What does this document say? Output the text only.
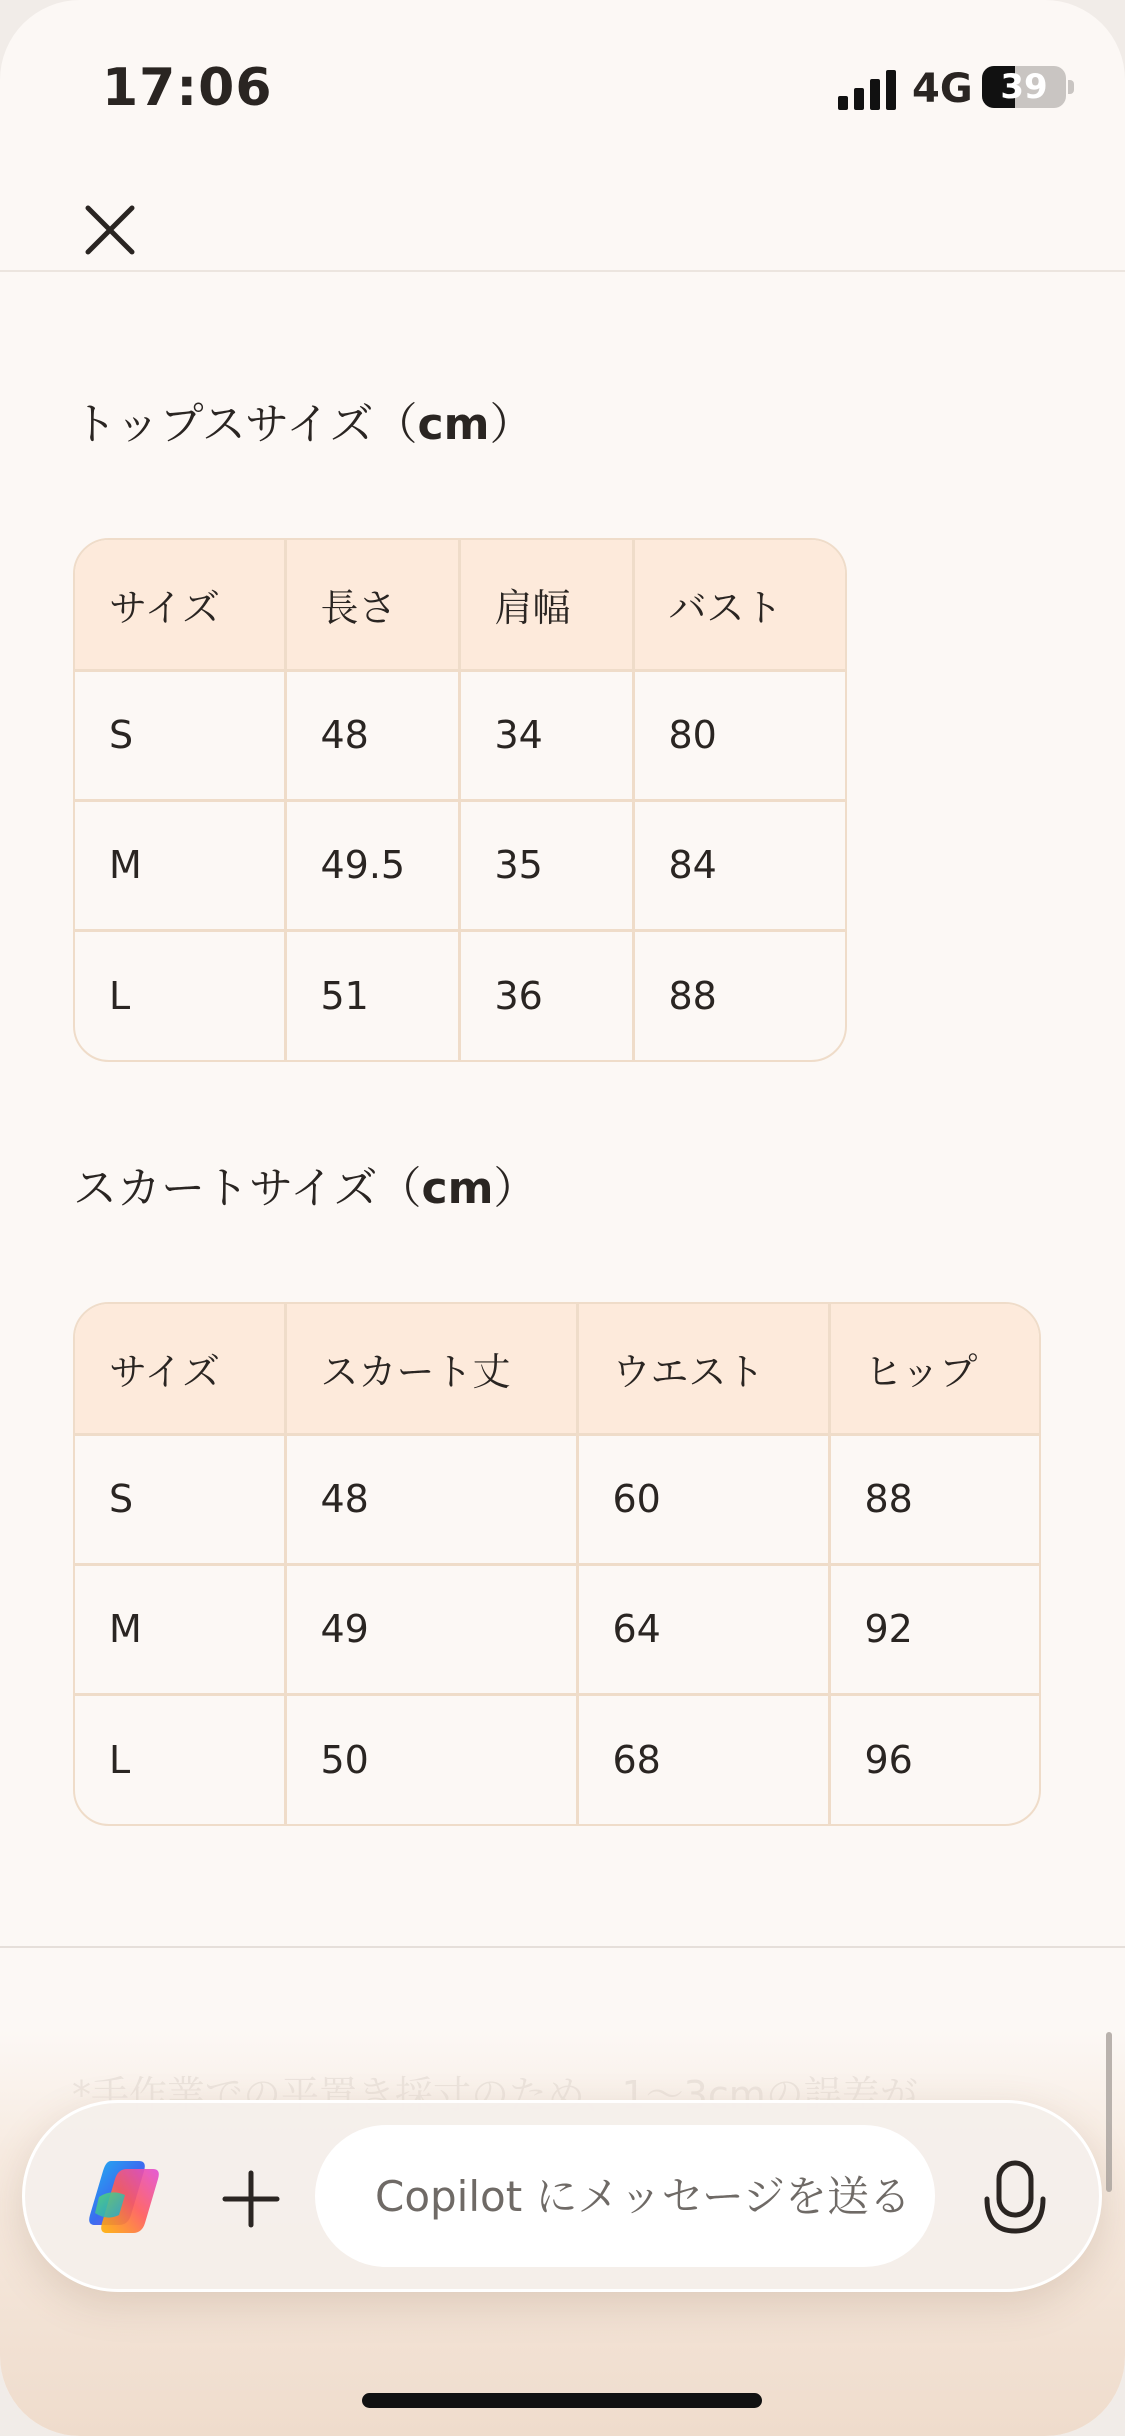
17:06	4G 39
トップスサイズ（cm）
サイズ	長さ	肩幅	バスト
S	48	34	80
M	49.5	35	84
L	51	36	88
スカートサイズ（cm）
サイズ	スカート丈	ウエスト	ヒップ
S	48	60	88
M	49	64	92
L	50	68	96
Copilot にメッセージを送る
